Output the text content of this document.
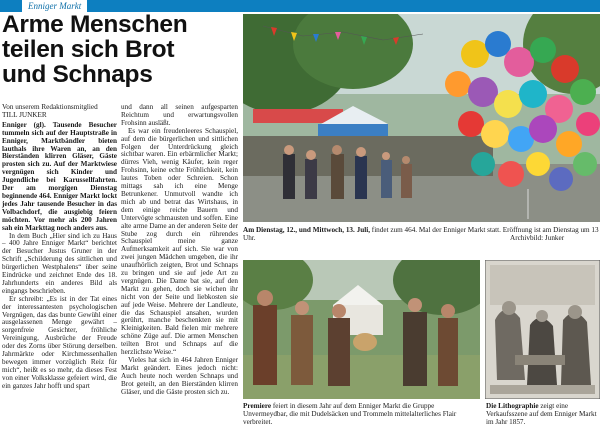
Enniger Markt
Arme Menschen
teilen sich Brot
und Schnaps

Von unserem Redaktionsmitglied

TILL JUNKER

Enniger (gl). Tausende Besucher tummeln sich auf der Hauptstraße in Enniger, Marktbändler bieten lauthals ihre Waren an, an den Bierständen klirren Gläser, Gäste prosten sich zu. Auf der Marktwiese vergnügen sich Kinder und Jugendliche bei Karussellfahrten. Der am morgigen Dienstag beginnende 464. Enniger Markt lockt jedes Jahr tausende Besucher in das Volbachdorf, die ausgiebig feiern möchten. Vor mehr als 200 Jahren sah ein Markttag noch anders aus.

In dem Buch „Hier sind ich zu Haus – 400 Jahre Enniger Markt“ berichtet der Besucher Justus Gruner in der Schrift „Schilderung des sittlichen und bürgerlichen Westphalens“ über seine Eindrücke und zeichnet Ende des 18. Jahrhunderts ein anderes Bild als eingangs beschrieben.

Er schreibt: „Es ist in der Tat eines der interessantesten psychologischen Vergnügen, das das bunte Gewühl einer ausgelassenen Menge gewährt – sorgenfreie Gesichter, fröhliche Vereinigung, Ausbrüche der Freude oder des Zorns über Störung derselben. Jahrmärkte oder Kirchmessenhallen bewegen immer vorzüglich Reiz für mich“, heißt es so mehr, da dieses Fest von einer Volksklasse gefeiert wird, die ein ganzes Jahr hofft und spart

und dann all seinen aufgesparten Reichtum und erwartungsvollen Frohsinn ausläßt.

Es war ein freudenleeres Schauspiel, auf dem die bürgerlichen und sittlichen Folgen der Unterdrückung gleich sichtbar waren. Ein erbärmlicher Markt; dürres Vieh, wenig Käufer, kein reger Frohsinn, keine echte Fröhlichkeit, kein lautes Toben oder Schreien. Schon mittags sah ich eine Menge Betrunkener. Unmutvoll wandte ich mich ab und betrat das Wirtshaus, in dem einige reiche Bauern und Untervögte schmausten und soffen. Eine alte arme Dame an der anderen Seite der Stube zog durch ein rührendes Schauspiel meine ganze Aufmerksamkeit auf sich. Sie war von zwei jungen Mädchen umgeben, die ihr unaufhörlich zeigten, Brot und Schnaps zu bringen und sie auf jede Art zu vergnügen. Die Dame bat sie, auf den Markt zu gehen, doch sie wichen ihr nicht von der Seite und liebkosten sie auf jede Weise. Mehrere der Landleute, die das Schauspiel ansahen, wurden gerührt, manche beschenkten sie mit Kleinigkeiten. Bald fielen mir mehrere schöne Züge auf. Die armen Menschen teilten Brot und Schnaps auf die herzlichste Weise.“

Vieles hat sich in 464 Jahren Enniger Markt geändert. Eines jedoch nicht: Auch heute noch werden Schnaps und Brot geteilt, an den Bierständen klirren Gläser, und die Gäste prosten sich zu.

Am Dienstag, 12., und Mittwoch, 13. Juli, findet zum 464. Mal der Enniger Markt statt. Eröffnung ist am Dienstag um 13 Uhr.	Archivbild: Junker
Premiere feiert in diesem Jahr auf dem Enniger Markt die Gruppe Unvermeydbar, die mit Dudelsäcken und Trommeln mittelalterliches Flair verbreitet.
Die Lithographie zeigt eine Verkaufsszene auf dem Enniger Markt im Jahr 1857.
